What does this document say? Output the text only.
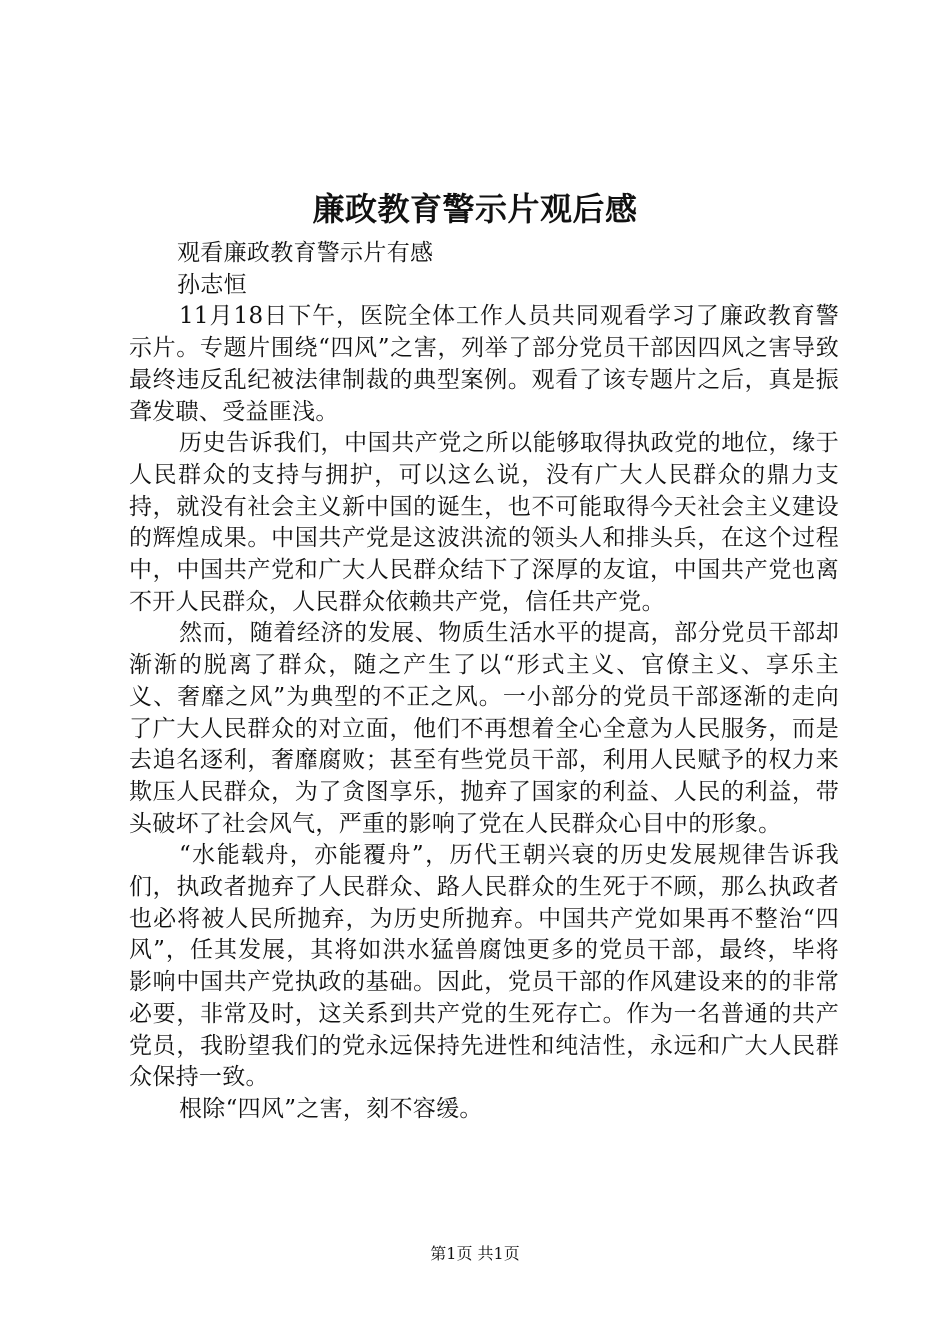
廉政教育警示片观后感

观看廉政教育警示片有感

孙志恒

11月18日下午，医院全体工作人员共同观看学习了廉政教育警示片。专题片围绕“四风”之害，列举了部分党员干部因四风之害导致最终违反乱纪被法律制裁的典型案例。观看了该专题片之后，真是振聋发聩、受益匪浅。

历史告诉我们，中国共产党之所以能够取得执政党的地位，缘于人民群众的支持与拥护，可以这么说，没有广大人民群众的鼎力支持，就没有社会主义新中国的诞生，也不可能取得今天社会主义建设的辉煌成果。中国共产党是这波洪流的领头人和排头兵，在这个过程中，中国共产党和广大人民群众结下了深厚的友谊，中国共产党也离不开人民群众，人民群众依赖共产党，信任共产党。

然而，随着经济的发展、物质生活水平的提高，部分党员干部却渐渐的脱离了群众，随之产生了以“形式主义、官僚主义、享乐主义、奢靡之风”为典型的不正之风。一小部分的党员干部逐渐的走向了广大人民群众的对立面，他们不再想着全心全意为人民服务，而是去追名逐利，奢靡腐败；甚至有些党员干部，利用人民赋予的权力来欺压人民群众，为了贪图享乐，抛弃了国家的利益、人民的利益，带头破坏了社会风气，严重的影响了党在人民群众心目中的形象。

“水能载舟，亦能覆舟”，历代王朝兴衰的历史发展规律告诉我们，执政者抛弃了人民群众、路人民群众的生死于不顾，那么执政者也必将被人民所抛弃，为历史所抛弃。中国共产党如果再不整治“四风”，任其发展，其将如洪水猛兽腐蚀更多的党员干部，最终，毕将影响中国共产党执政的基础。因此，党员干部的作风建设来的的非常必要，非常及时，这关系到共产党的生死存亡。作为一名普通的共产党员，我盼望我们的党永远保持先进性和纯洁性，永远和广大人民群众保持一致。

根除“四风”之害，刻不容缓。

第1页 共1页
